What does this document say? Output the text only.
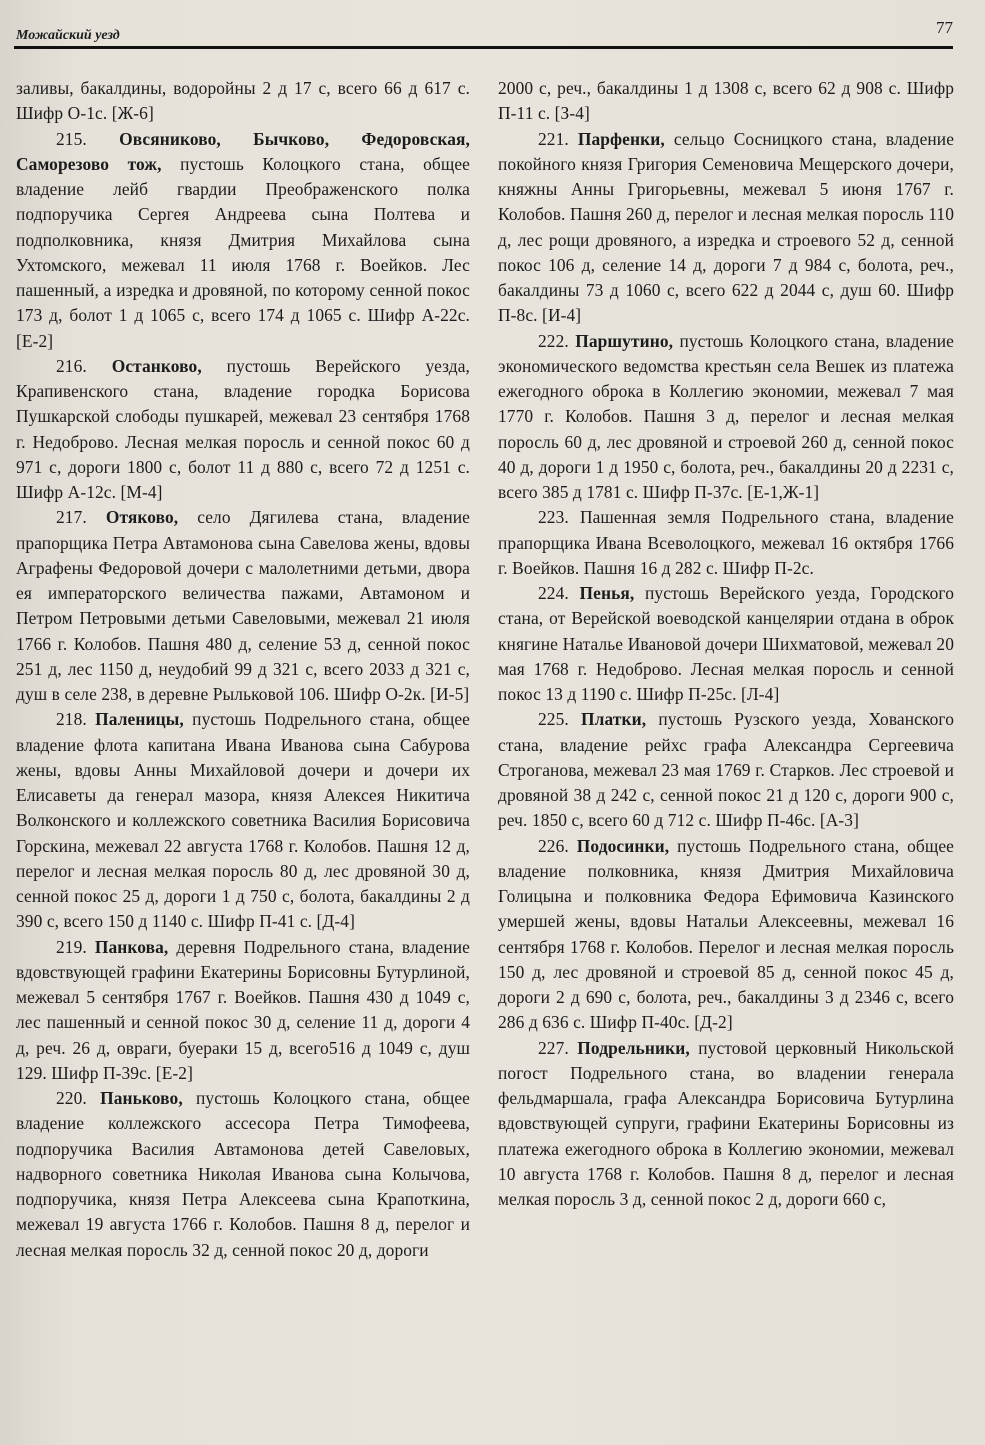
Можайский уезд	77

заливы, бакалдины, водоройны 2 д 17 с, всего 66 д 617 с. Шифр О-1с. [Ж-6]

215. Овсяниково, Бычково, Федоровская, Саморезово тож, пустошь Колоцкого стана, общее владение лейб гвардии Преображенского полка подпоручика Сергея Андреева сына Полтева и подполковника, князя Дмитрия Михайлова сына Ухтомского, межевал 11 июля 1768 г. Воейков. Лес пашенный, а изредка и дровяной, по которому сенной покос 173 д, болот 1 д 1065 с, всего 174 д 1065 с. Шифр А-22с. [Е-2]

216. Останково, пустошь Верейского уезда, Крапивенского стана, владение городка Борисова Пушкарской слободы пушкарей, межевал 23 сентября 1768 г. Недоброво. Лесная мелкая поросль и сенной покос 60 д 971 с, дороги 1800 с, болот 11 д 880 с, всего 72 д 1251 с. Шифр А-12с. [М-4]

217. Отяково, село Дягилева стана, владение прапорщика Петра Автамонова сына Савелова жены, вдовы Аграфены Федоровой дочери с малолетними детьми, двора ея императорского величества пажами, Автамоном и Петром Петровыми детьми Савеловыми, межевал 21 июля 1766 г. Колобов. Пашня 480 д, селение 53 д, сенной покос 251 д, лес 1150 д, неудобий 99 д 321 с, всего 2033 д 321 с, душ в селе 238, в деревне Рыльковой 106. Шифр О-2к. [И-5]

218. Паленицы, пустошь Подрельного стана, общее владение флота капитана Ивана Иванова сына Сабурова жены, вдовы Анны Михайловой дочери и дочери их Елисаветы да генерал мазора, князя Алексея Никитича Волконского и коллежского советника Василия Борисовича Горскина, межевал 22 августа 1768 г. Колобов. Пашня 12 д, перелог и лесная мелкая поросль 80 д, лес дровяной 30 д, сенной покос 25 д, дороги 1 д 750 с, болота, бакалдины 2 д 390 с, всего 150 д 1140 с. Шифр П-41 с. [Д-4]

219. Панкова, деревня Подрельного стана, владение вдовствующей графини Екатерины Борисовны Бутурлиной, межевал 5 сентября 1767 г. Воейков. Пашня 430 д 1049 с, лес пашенный и сенной покос 30 д, селение 11 д, дороги 4 д, реч. 26 д, овраги, буераки 15 д, всего516 д 1049 с, душ 129. Шифр П-39с. [Е-2]

220. Паньково, пустошь Колоцкого стана, общее владение коллежского ассесора Петра Тимофеева, подпоручика Василия Автамонова детей Савеловых, надворного советника Николая Иванова сына Колычова, подпоручика, князя Петра Алексеева сына Крапоткина, межевал 19 августа 1766 г. Колобов. Пашня 8 д, перелог и лесная мелкая поросль 32 д, сенной покос 20 д, дороги

2000 с, реч., бакалдины 1 д 1308 с, всего 62 д 908 с. Шифр П-11 с. [З-4]

221. Парфенки, сельцо Сосницкого стана, владение покойного князя Григория Семеновича Мещерского дочери, княжны Анны Григорьевны, межевал 5 июня 1767 г. Колобов. Пашня 260 д, перелог и лесная мелкая поросль 110 д, лес рощи дровяного, а изредка и строевого 52 д, сенной покос 106 д, селение 14 д, дороги 7 д 984 с, болота, реч., бакалдины 73 д 1060 с, всего 622 д 2044 с, душ 60. Шифр П-8с. [И-4]

222. Паршутино, пустошь Колоцкого стана, владение экономического ведомства крестьян села Вешек из платежа ежегодного оброка в Коллегию экономии, межевал 7 мая 1770 г. Колобов. Пашня 3 д, перелог и лесная мелкая поросль 60 д, лес дровяной и строевой 260 д, сенной покос 40 д, дороги 1 д 1950 с, болота, реч., бакалдины 20 д 2231 с, всего 385 д 1781 с. Шифр П-37с. [Е-1,Ж-1]

223. Пашенная земля Подрельного стана, владение прапорщика Ивана Всеволоцкого, межевал 16 октября 1766 г. Воейков. Пашня 16 д 282 с. Шифр П-2с.

224. Пенья, пустошь Верейского уезда, Городского стана, от Верейской воеводской канцелярии отдана в оброк княгине Наталье Ивановой дочери Шихматовой, межевал 20 мая 1768 г. Недоброво. Лесная мелкая поросль и сенной покос 13 д 1190 с. Шифр П-25с. [Л-4]

225. Платки, пустошь Рузского уезда, Хованского стана, владение рейхс графа Александра Сергеевича Строганова, межевал 23 мая 1769 г. Старков. Лес строевой и дровяной 38 д 242 с, сенной покос 21 д 120 с, дороги 900 с, реч. 1850 с, всего 60 д 712 с. Шифр П-46с. [А-3]

226. Подосинки, пустошь Подрельного стана, общее владение полковника, князя Дмитрия Михайловича Голицына и полковника Федора Ефимовича Казинского умершей жены, вдовы Натальи Алексеевны, межевал 16 сентября 1768 г. Колобов. Перелог и лесная мелкая поросль 150 д, лес дровяной и строевой 85 д, сенной покос 45 д, дороги 2 д 690 с, болота, реч., бакалдины 3 д 2346 с, всего 286 д 636 с. Шифр П-40с. [Д-2]

227. Подрельники, пустовой церковный Никольской погост Подрельного стана, во владении генерала фельдмаршала, графа Александра Борисовича Бутурлина вдовствующей супруги, графини Екатерины Борисовны из платежа ежегодного оброка в Коллегию экономии, межевал 10 августа 1768 г. Колобов. Пашня 8 д, перелог и лесная мелкая поросль 3 д, сенной покос 2 д, дороги 660 с,
